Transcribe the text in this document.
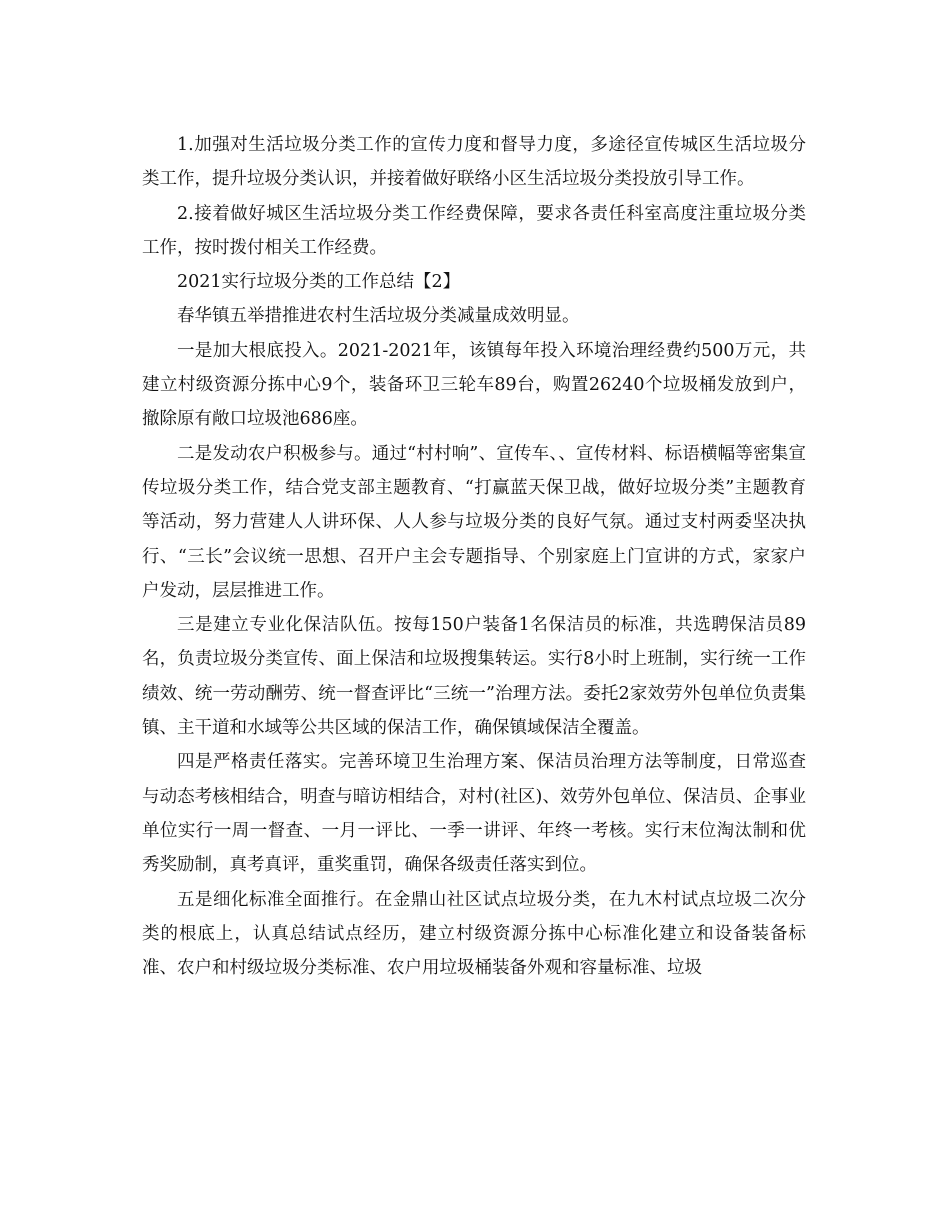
1.加强对生活垃圾分类工作的宣传力度和督导力度，多途径宣传城区生活垃圾分类工作，提升垃圾分类认识，并接着做好联络小区生活垃圾分类投放引导工作。

2.接着做好城区生活垃圾分类工作经费保障，要求各责任科室高度注重垃圾分类工作，按时拨付相关工作经费。

2021实行垃圾分类的工作总结【2】

春华镇五举措推进农村生活垃圾分类减量成效明显。

一是加大根底投入。2021-2021年，该镇每年投入环境治理经费约500万元，共建立村级资源分拣中心9个，装备环卫三轮车89台，购置26240个垃圾桶发放到户，撤除原有敞口垃圾池686座。

二是发动农户积极参与。通过“村村响”、宣传车、、宣传材料、标语横幅等密集宣传垃圾分类工作，结合党支部主题教育、“打赢蓝天保卫战，做好垃圾分类”主题教育等活动，努力营建人人讲环保、人人参与垃圾分类的良好气氛。通过支村两委坚决执行、“三长”会议统一思想、召开户主会专题指导、个别家庭上门宣讲的方式，家家户户发动，层层推进工作。

三是建立专业化保洁队伍。按每150户装备1名保洁员的标准，共选聘保洁员89名，负责垃圾分类宣传、面上保洁和垃圾搜集转运。实行8小时上班制，实行统一工作绩效、统一劳动酬劳、统一督查评比“三统一”治理方法。委托2家效劳外包单位负责集镇、主干道和水域等公共区域的保洁工作，确保镇域保洁全覆盖。

四是严格责任落实。完善环境卫生治理方案、保洁员治理方法等制度，日常巡查与动态考核相结合，明查与暗访相结合，对村(社区)、效劳外包单位、保洁员、企事业单位实行一周一督查、一月一评比、一季一讲评、年终一考核。实行末位淘汰制和优秀奖励制，真考真评，重奖重罚，确保各级责任落实到位。

五是细化标准全面推行。在金鼎山社区试点垃圾分类，在九木村试点垃圾二次分类的根底上，认真总结试点经历，建立村级资源分拣中心标准化建立和设备装备标准、农户和村级垃圾分类标准、农户用垃圾桶装备外观和容量标准、垃圾
